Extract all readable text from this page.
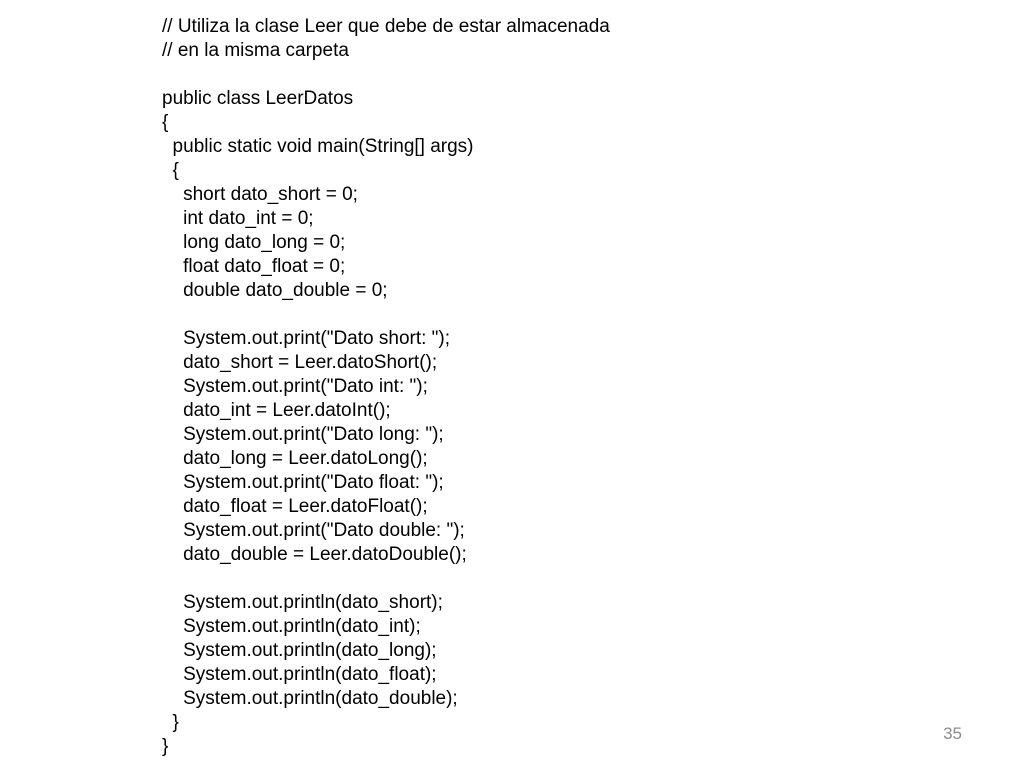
// Utiliza la clase Leer que debe de estar almacenada
// en la misma carpeta
public class LeerDatos
{
public static void main(String[] args)
{
short dato_short = 0;
int dato_int = 0;
long dato_long = 0;
float dato_float = 0;
double dato_double = 0;
System.out.print("Dato short: ");
dato_short = Leer.datoShort();
System.out.print("Dato int: ");
dato_int = Leer.datoInt();
System.out.print("Dato long: ");
dato_long = Leer.datoLong();
System.out.print("Dato float: ");
dato_float = Leer.datoFloat();
System.out.print("Dato double: ");
dato_double = Leer.datoDouble();
System.out.println(dato_short);
System.out.println(dato_int);
System.out.println(dato_long);
System.out.println(dato_float);
System.out.println(dato_double);
}
}
35
